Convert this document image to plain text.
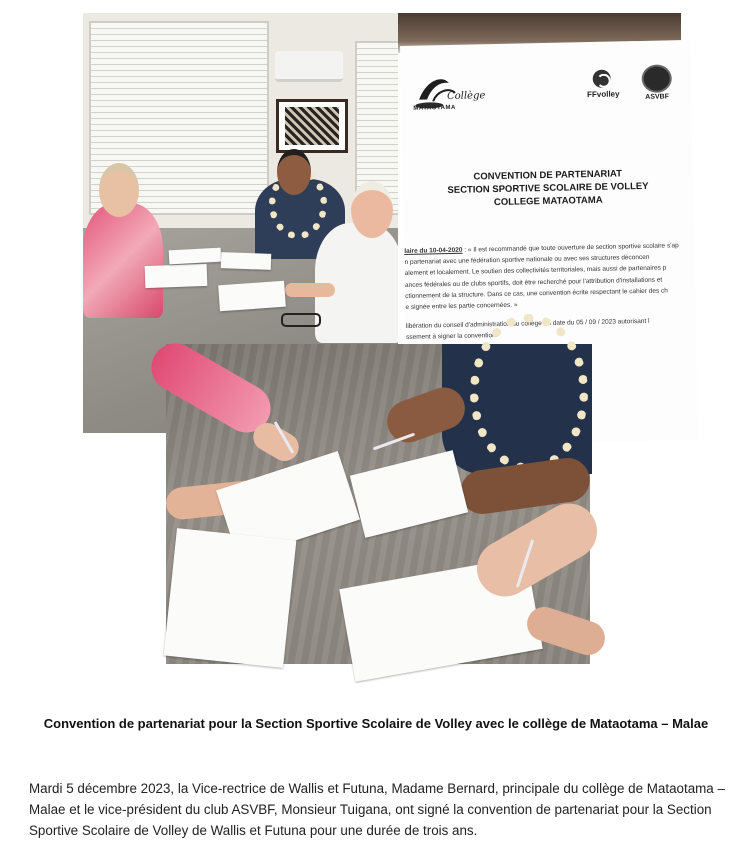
Collège
MATAOTAMA
FFvolley	ASVBF
CONVENTION DE PARTENARIAT
SECTION SPORTIVE SCOLAIRE DE VOLLEY
COLLEGE MATAOTAMA
laire du 10-04-2020 : « Il est recommandé que toute ouverture de section sportive scolaire s'ap
n partenariat avec une fédération sportive nationale ou avec ses structures déconcen
alement et localement. Le soutien des collectivités territoriales, mais aussi de partenaires p
ances fédérales ou de clubs sportifs, doit être recherché pour l'attribution d'installations et
ctionnement de la structure. Dans ce cas, une convention écrite respectant le cahier des ch
e signée entre les partie concernées. »
libération du conseil d'administration du collège en date du 05 / 09 / 2023 autorisant l
ssement à signer la convention.
Convention de partenariat pour la Section Sportive Scolaire de Volley avec le collège de Mataotama – Malae
Mardi 5 décembre 2023, la Vice-rectrice de Wallis et Futuna, Madame Bernard, principale du collège de Mataotama – Malae et le vice-président du club ASVBF, Monsieur Tuigana, ont signé la convention de partenariat pour la Section Sportive Scolaire de Volley de Wallis et Futuna pour une durée de trois ans.
